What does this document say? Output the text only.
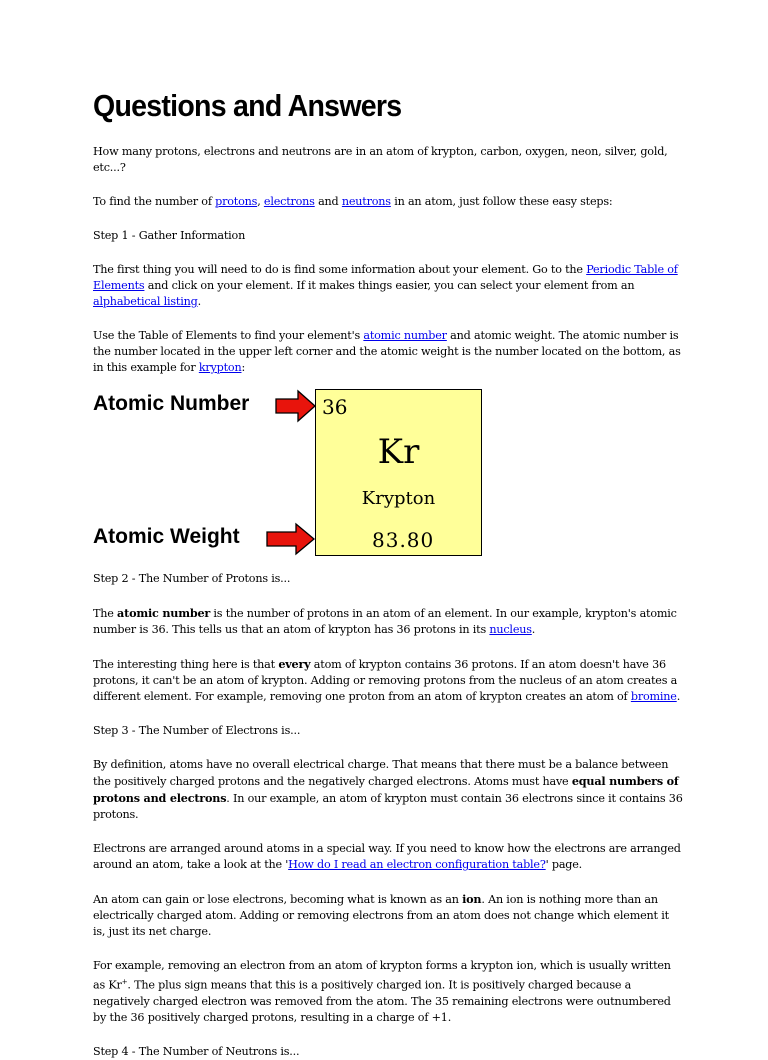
Questions and Answers

How many protons, electrons and neutrons are in an atom of krypton, carbon, oxygen, neon, silver, gold, etc...?

To find the number of protons, electrons and neutrons in an atom, just follow these easy steps:

Step 1 - Gather Information

The first thing you will need to do is find some information about your element. Go to the Periodic Table of Elements and click on your element. If it makes things easier, you can select your element from an alphabetical listing.

Use the Table of Elements to find your element's atomic number and atomic weight. The atomic number is the number located in the upper left corner and the atomic weight is the number located on the bottom, as in this example for krypton:

Atomic Number
Atomic Weight
36
Kr
Krypton
83.80

Step 2 - The Number of Protons is...

The atomic number is the number of protons in an atom of an element. In our example, krypton's atomic number is 36. This tells us that an atom of krypton has 36 protons in its nucleus.

The interesting thing here is that every atom of krypton contains 36 protons. If an atom doesn't have 36 protons, it can't be an atom of krypton. Adding or removing protons from the nucleus of an atom creates a different element. For example, removing one proton from an atom of krypton creates an atom of bromine.

Step 3 - The Number of Electrons is...

By definition, atoms have no overall electrical charge. That means that there must be a balance between the positively charged protons and the negatively charged electrons. Atoms must have equal numbers of protons and electrons. In our example, an atom of krypton must contain 36 electrons since it contains 36 protons.

Electrons are arranged around atoms in a special way. If you need to know how the electrons are arranged around an atom, take a look at the 'How do I read an electron configuration table?' page.

An atom can gain or lose electrons, becoming what is known as an ion. An ion is nothing more than an electrically charged atom. Adding or removing electrons from an atom does not change which element it is, just its net charge.

For example, removing an electron from an atom of krypton forms a krypton ion, which is usually written as Kr+. The plus sign means that this is a positively charged ion. It is positively charged because a negatively charged electron was removed from the atom. The 35 remaining electrons were outnumbered by the 36 positively charged protons, resulting in a charge of +1.

Step 4 - The Number of Neutrons is...
